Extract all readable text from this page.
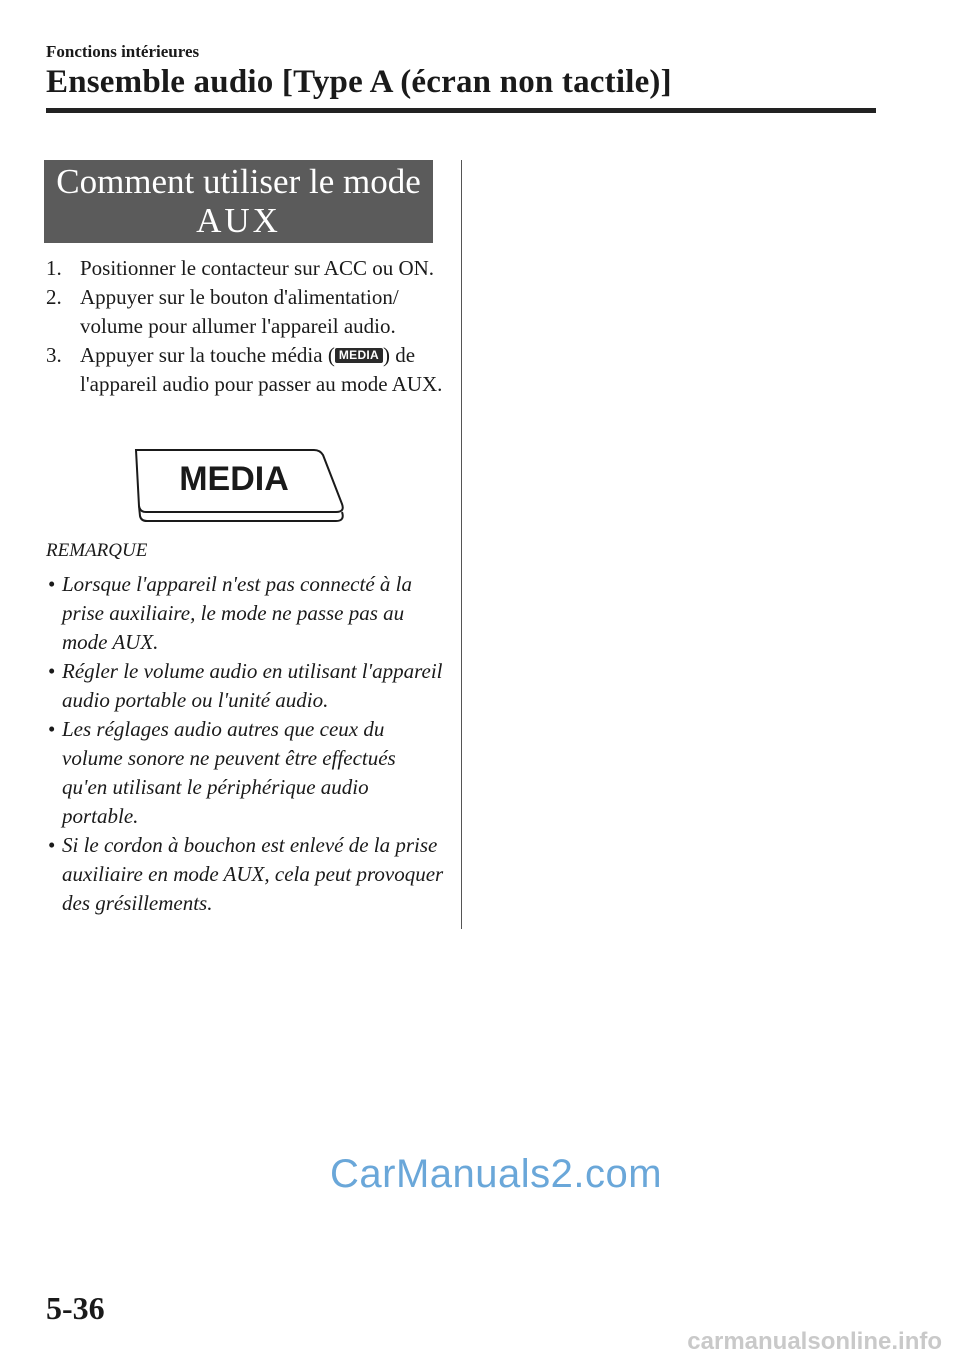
Fonctions intérieures
Ensemble audio [Type A (écran non tactile)]
Comment utiliser le mode
AUX

1. Positionner le contacteur sur ACC ou ON.

2. Appuyer sur le bouton d'alimentation/ volume pour allumer l'appareil audio.

3. Appuyer sur la touche média ( MEDIA ) de l'appareil audio pour passer au mode AUX.

MEDIA
REMARQUE

• Lorsque l'appareil n'est pas connecté à la prise auxiliaire, le mode ne passe pas au mode AUX.

• Régler le volume audio en utilisant l'appareil audio portable ou l'unité audio.

• Les réglages audio autres que ceux du volume sonore ne peuvent être effectués qu'en utilisant le périphérique audio portable.

• Si le cordon à bouchon est enlevé de la prise auxiliaire en mode AUX, cela peut provoquer des grésillements.

CarManuals2.com
5-36
carmanualsonline.info
